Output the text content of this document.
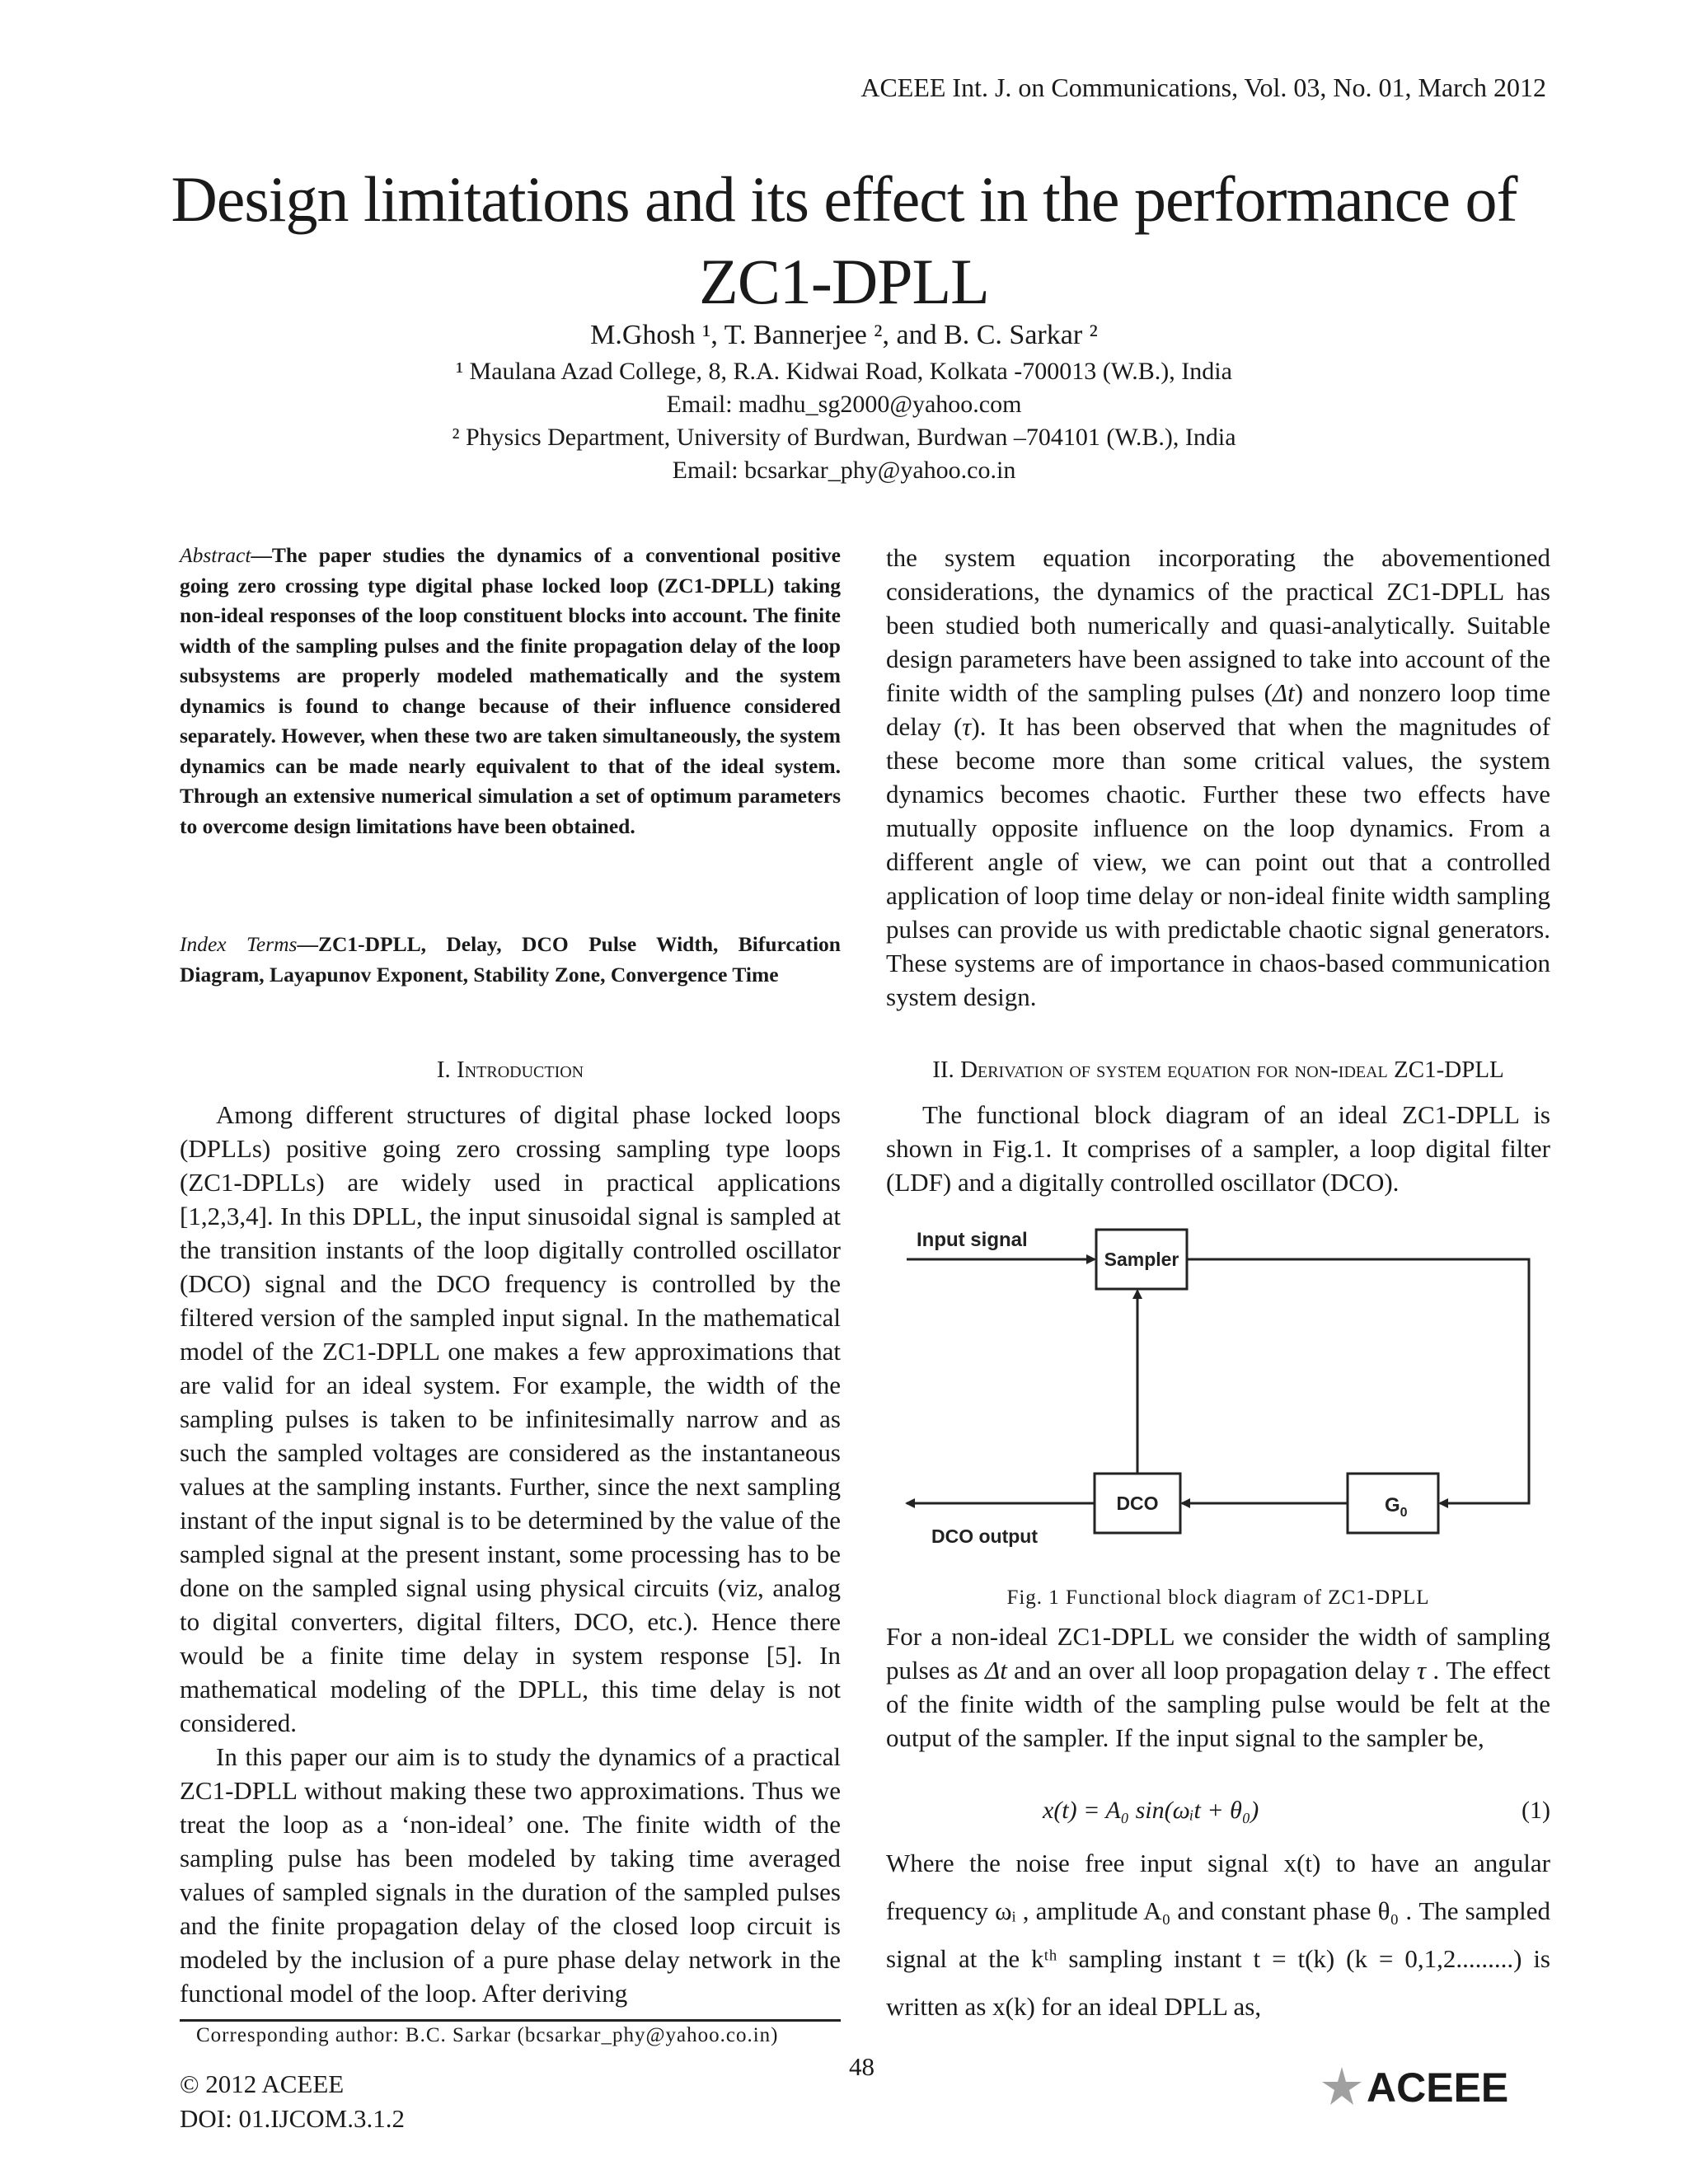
ACEEE Int. J. on Communications, Vol. 03, No. 01, March 2012
Design limitations and its effect in the performance of
ZC1-DPLL
M.Ghosh ¹, T. Bannerjee ², and B. C. Sarkar ²
¹ Maulana Azad College, 8, R.A. Kidwai Road, Kolkata -700013 (W.B.), India
Email: madhu_sg2000@yahoo.com
² Physics Department, University of Burdwan, Burdwan –704101 (W.B.), India
Email: bcsarkar_phy@yahoo.co.in
Abstract—The paper studies the dynamics of a conventional positive going zero crossing type digital phase locked loop (ZC1-DPLL) taking non-ideal responses of the loop constituent blocks into account. The finite width of the sampling pulses and the finite propagation delay of the loop subsystems are properly modeled mathematically and the system dynamics is found to change because of their influence considered separately. However, when these two are taken simultaneously, the system dynamics can be made nearly equivalent to that of the ideal system. Through an extensive numerical simulation a set of optimum parameters to overcome design limitations have been obtained.
Index Terms—ZC1-DPLL, Delay, DCO Pulse Width, Bifurcation Diagram, Layapunov Exponent, Stability Zone, Convergence Time
I. Introduction

Among different structures of digital phase locked loops (DPLLs) positive going zero crossing sampling type loops (ZC1-DPLLs) are widely used in practical applications [1,2,3,4]. In this DPLL, the input sinusoidal signal is sampled at the transition instants of the loop digitally controlled oscillator (DCO) signal and the DCO frequency is controlled by the filtered version of the sampled input signal. In the mathematical model of the ZC1-DPLL one makes a few approximations that are valid for an ideal system. For example, the width of the sampling pulses is taken to be infinitesimally narrow and as such the sampled voltages are considered as the instantaneous values at the sampling instants. Further, since the next sampling instant of the input signal is to be determined by the value of the sampled signal at the present instant, some processing has to be done on the sampled signal using physical circuits (viz, analog to digital converters, digital filters, DCO, etc.). Hence there would be a finite time delay in system response [5]. In mathematical modeling of the DPLL, this time delay is not considered.

In this paper our aim is to study the dynamics of a practical ZC1-DPLL without making these two approximations. Thus we treat the loop as a ‘non-ideal’ one. The finite width of the sampling pulse has been modeled by taking time averaged values of sampled signals in the duration of the sampled pulses and the finite propagation delay of the closed loop circuit is modeled by the inclusion of a pure phase delay network in the functional model of the loop. After deriving

the system equation incorporating the abovementioned considerations, the dynamics of the practical ZC1-DPLL has been studied both numerically and quasi-analytically. Suitable design parameters have been assigned to take into account of the finite width of the sampling pulses (Δt) and nonzero loop time delay (τ). It has been observed that when the magnitudes of these become more than some critical values, the system dynamics becomes chaotic. Further these two effects have mutually opposite influence on the loop dynamics. From a different angle of view, we can point out that a controlled application of loop time delay or non-ideal finite width sampling pulses can provide us with predictable chaotic signal generators. These systems are of importance in chaos-based communication system design.
II. Derivation of system equation for non-ideal ZC1-DPLL

The functional block diagram of an ideal ZC1-DPLL is shown in Fig.1. It comprises of a sampler, a loop digital filter (LDF) and a digitally controlled oscillator (DCO).

Input signal
Sampler
DCO	$G_0$
DCO output
Fig. 1 Functional block diagram of ZC1-DPLL
For a non-ideal ZC1-DPLL we consider the width of sampling pulses as Δt and an over all loop propagation delay τ . The effect of the finite width of the sampling pulse would be felt at the output of the sampler. If the input signal to the sampler be,
x(t) = A₀ sin(ωᵢt + θ₀)	(1)
Where the noise free input signal x(t) to have an angular frequency ωᵢ , amplitude A₀ and constant phase θ₀ . The sampled signal at the kᵗʰ sampling instant t = t(k) (k = 0,1,2.........) is written as x(k) for an ideal DPLL as,
Corresponding author: B.C. Sarkar (bcsarkar_phy@yahoo.co.in)
© 2012 ACEEE
DOI: 01.IJCOM.3.1.2
48	ACEEE
